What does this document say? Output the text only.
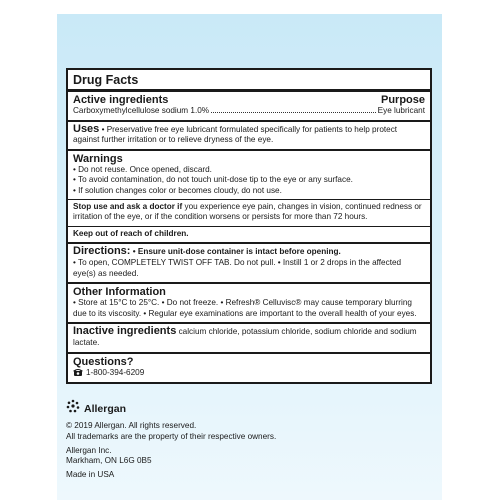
Drug Facts
Active ingredients	Purpose
Carboxymethylcellulose sodium 1.0%	Eye lubricant
Uses • Preservative free eye lubricant formulated specifically for patients to help protect against further irritation or to relieve dryness of the eye.
Warnings
• Do not reuse. Once opened, discard.
• To avoid contamination, do not touch unit-dose tip to the eye or any surface.
• If solution changes color or becomes cloudy, do not use.
Stop use and ask a doctor if you experience eye pain, changes in vision, continued redness or irritation of the eye, or if the condition worsens or persists for more than 72 hours.
Keep out of reach of children.
Directions: • Ensure unit-dose container is intact before opening.
• To open, COMPLETELY TWIST OFF TAB. Do not pull. • Instill 1 or 2 drops in the affected eye(s) as needed.
Other Information
• Store at 15°C to 25°C. • Do not freeze. • Refresh® Celluvisc® may cause temporary blurring due to its viscosity. • Regular eye examinations are important to the overall health of your eyes.
Inactive ingredients calcium chloride, potassium chloride, sodium chloride and sodium lactate.
Questions?
1-800-394-6209
Allergan
© 2019 Allergan. All rights reserved.
All trademarks are the property of their respective owners.
Allergan Inc.
Markham, ON L6G 0B5
Made in USA
